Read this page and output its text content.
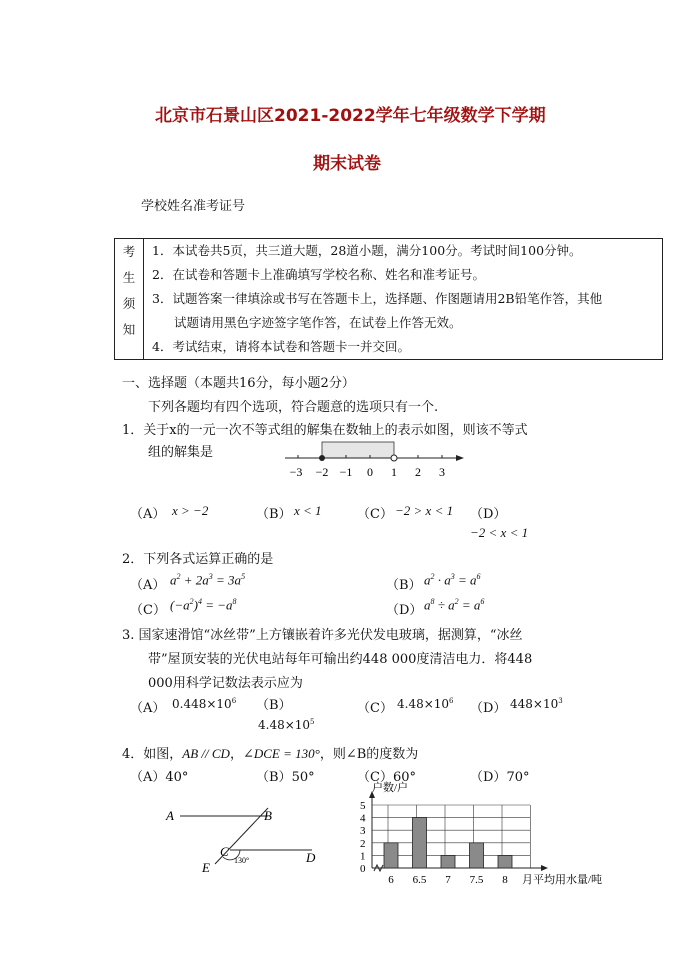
北京市石景山区2021-2022学年七年级数学下学期
期末试卷
学校姓名准考证号
考
生
须
知

1．本试卷共5页，共三道大题，28道小题，满分100分。考试时间100分钟。
2．在试卷和答题卡上准确填写学校名称、姓名和准考证号。
3．试题答案一律填涂或书写在答题卡上，选择题、作图题请用2B铅笔作答，其他
试题请用黑色字迹签字笔作答，在试卷上作答无效。
4．考试结束，请将本试卷和答题卡一并交回。
一、选择题（本题共16分，每小题2分）
下列各题均有四个选项，符合题意的选项只有一个.
1．关于x的一元一次不等式组的解集在数轴上的表示如图，则该不等式
组的解集是
−3 −2 −1 0 1 2 3
（A） x > −2	（B） x < 1	（C） −2 > x < 1 （D）
−2 < x < 1
2．下列各式运算正确的是
（A） $a^2 + 2a^3 = 3a^5$
（B） $a^2 \cdot a^3 = a^6$
（C） $(-a^2)^4 = -a^8$
（D） $a^8 \div a^2 = a^6$
3. 国家速滑馆“冰丝带”上方镶嵌着许多光伏发电玻璃，据测算，“冰丝
带”屋顶安装的光伏电站每年可输出约448 000度清洁电力．将448
000用科学记数法表示应为
（A） $0.448\times 10^6$ （B）
$4.48\times 10^5$
（C） $4.48\times 10^6$ （D） $448\times 10^3$
4．如图，AB // CD，∠DCE = 130°，则∠B的度数为
（A）40°	（B）50°	（C）60°	（D）70°
A	B
C	D
E	130°
户数/户
0
1
2
3
4
5
6 6.5 7 7.5 8 月平均用水量/吨
